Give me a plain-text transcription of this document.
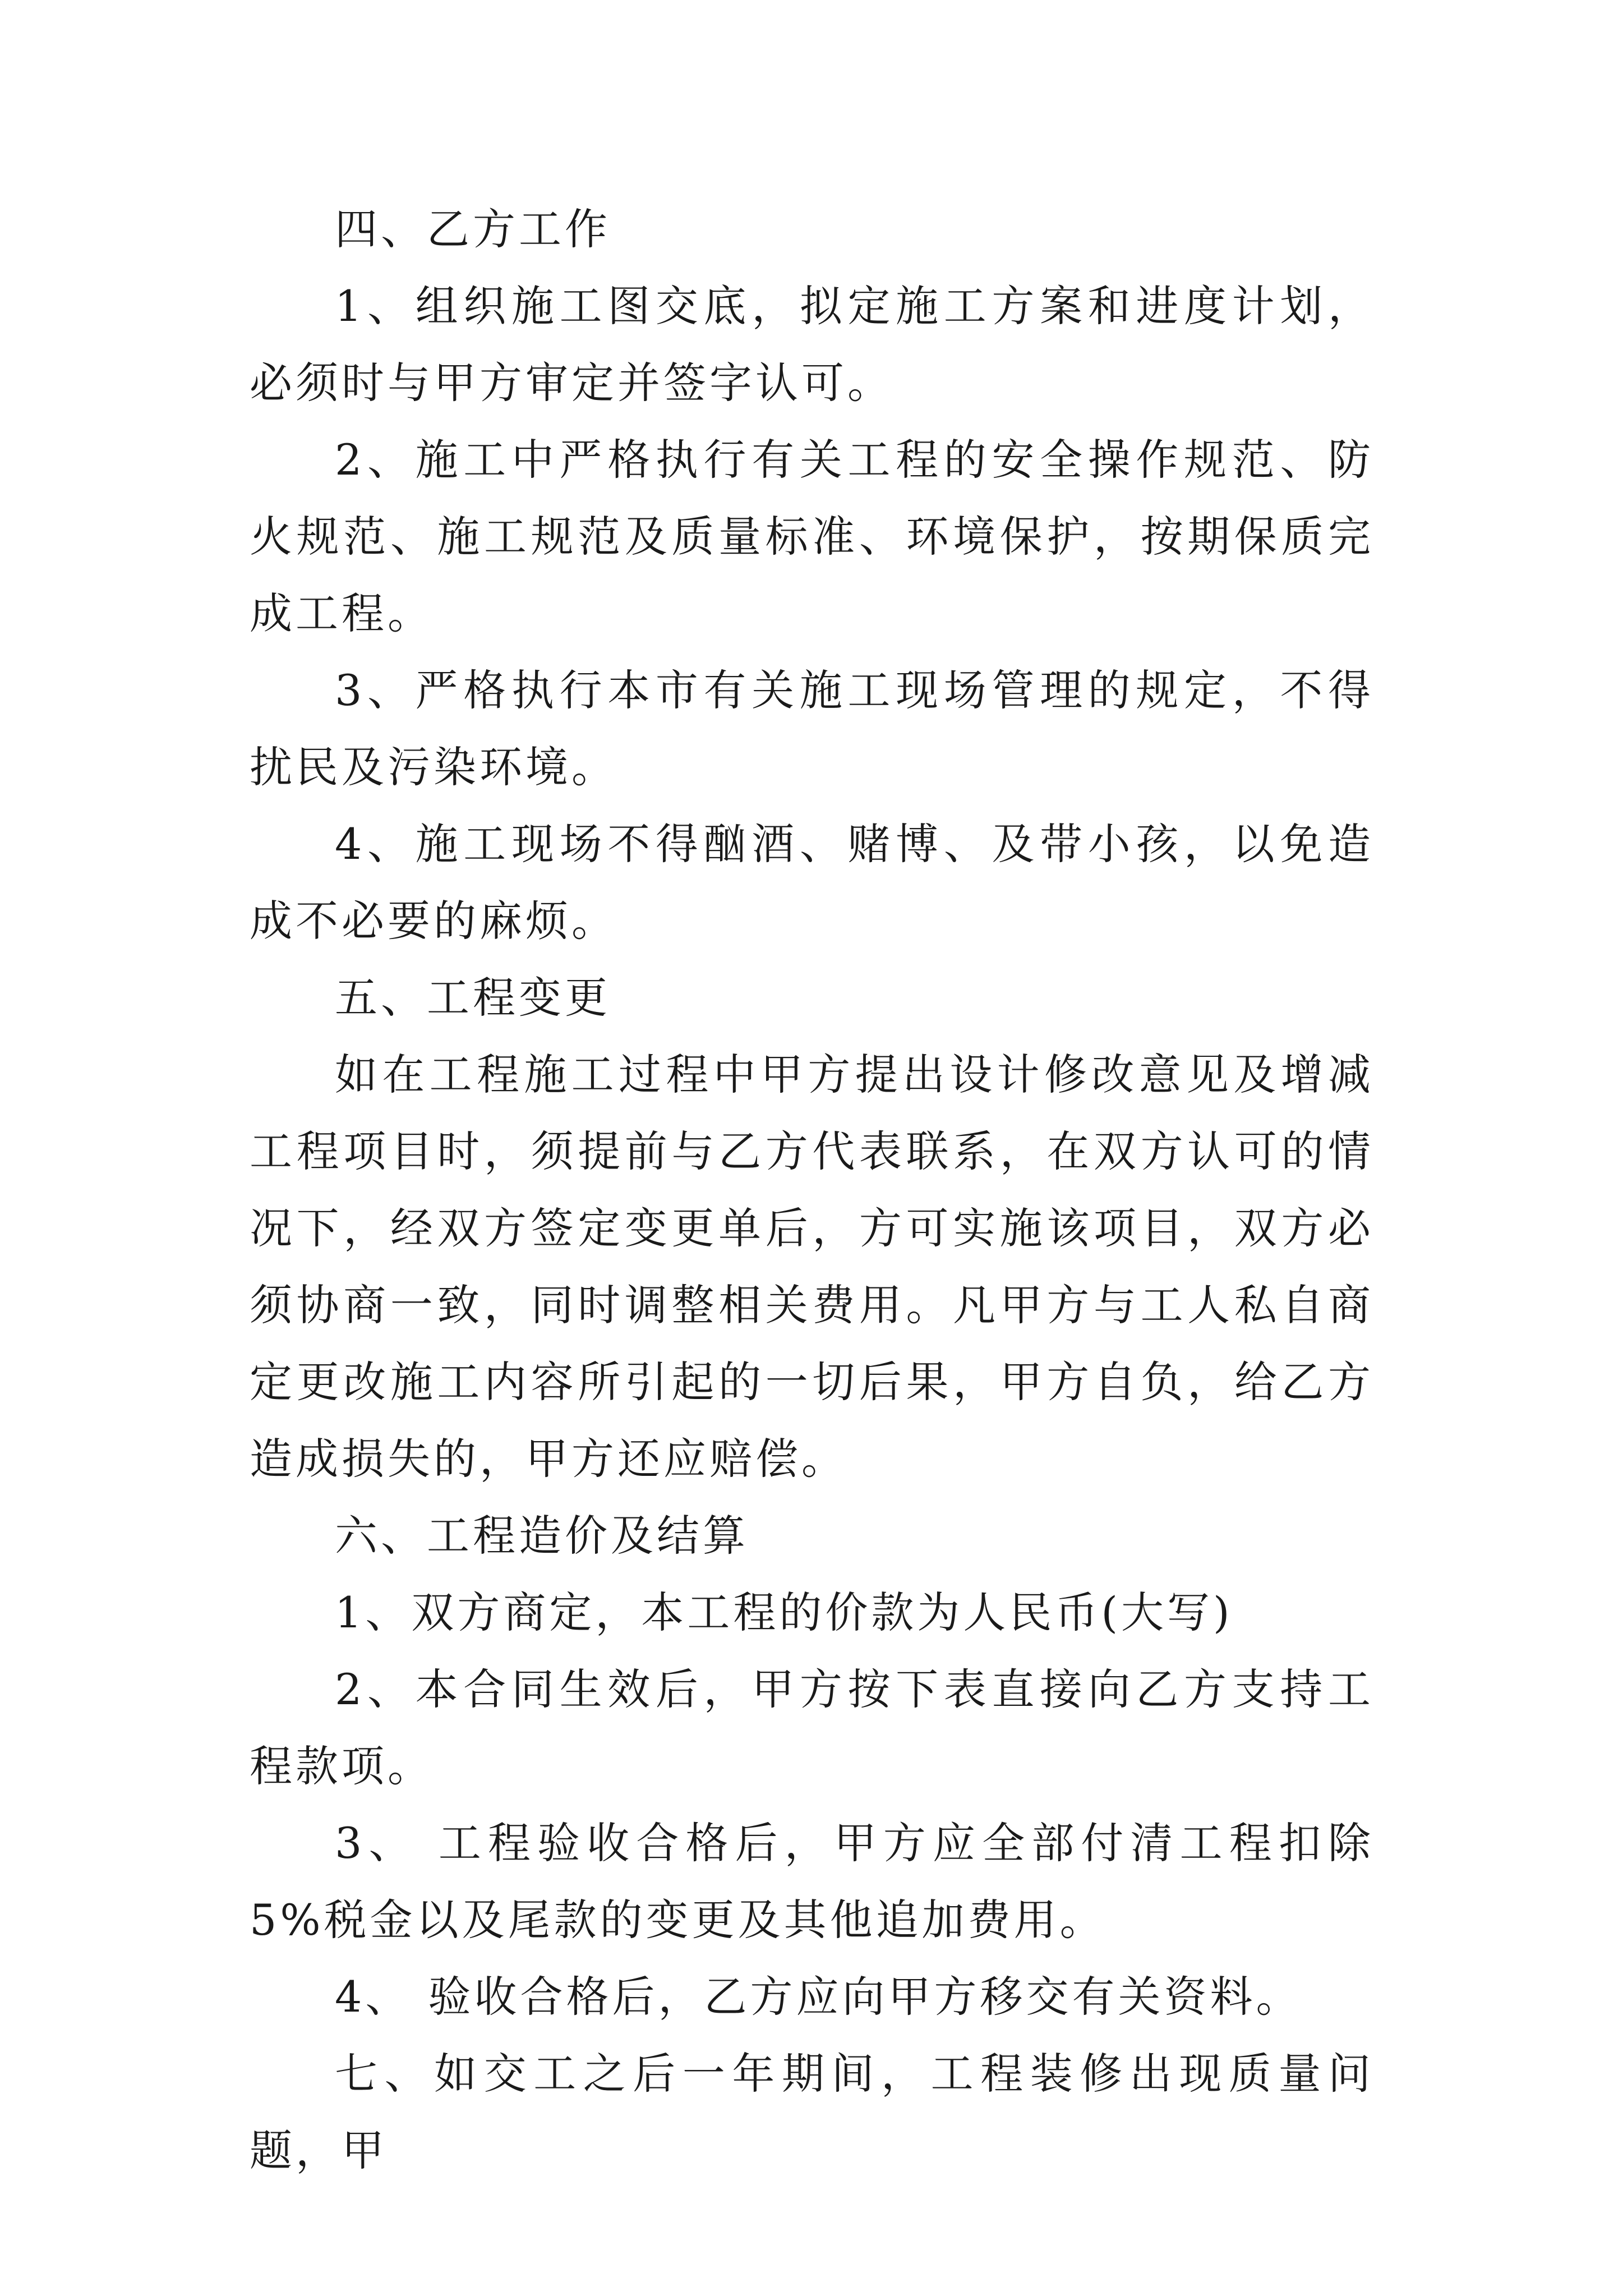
四、乙方工作

1、组织施工图交底，拟定施工方案和进度计划，必须时与甲方审定并签字认可。

2、施工中严格执行有关工程的安全操作规范、防火规范、施工规范及质量标准、环境保护，按期保质完成工程。

3、严格执行本市有关施工现场管理的规定，不得扰民及污染环境。

4、施工现场不得酗酒、赌博、及带小孩，以免造成不必要的麻烦。

五、工程变更

如在工程施工过程中甲方提出设计修改意见及增减工程项目时，须提前与乙方代表联系，在双方认可的情况下，经双方签定变更单后，方可实施该项目，双方必须协商一致，同时调整相关费用。凡甲方与工人私自商定更改施工内容所引起的一切后果，甲方自负，给乙方造成损失的，甲方还应赔偿。

六、工程造价及结算

1、双方商定，本工程的价款为人民币(大写)

2、本合同生效后，甲方按下表直接向乙方支持工程款项。

3、 工程验收合格后，甲方应全部付清工程扣除 5%税金以及尾款的变更及其他追加费用。

4、 验收合格后，乙方应向甲方移交有关资料。

七、如交工之后一年期间，工程装修出现质量问题，甲
